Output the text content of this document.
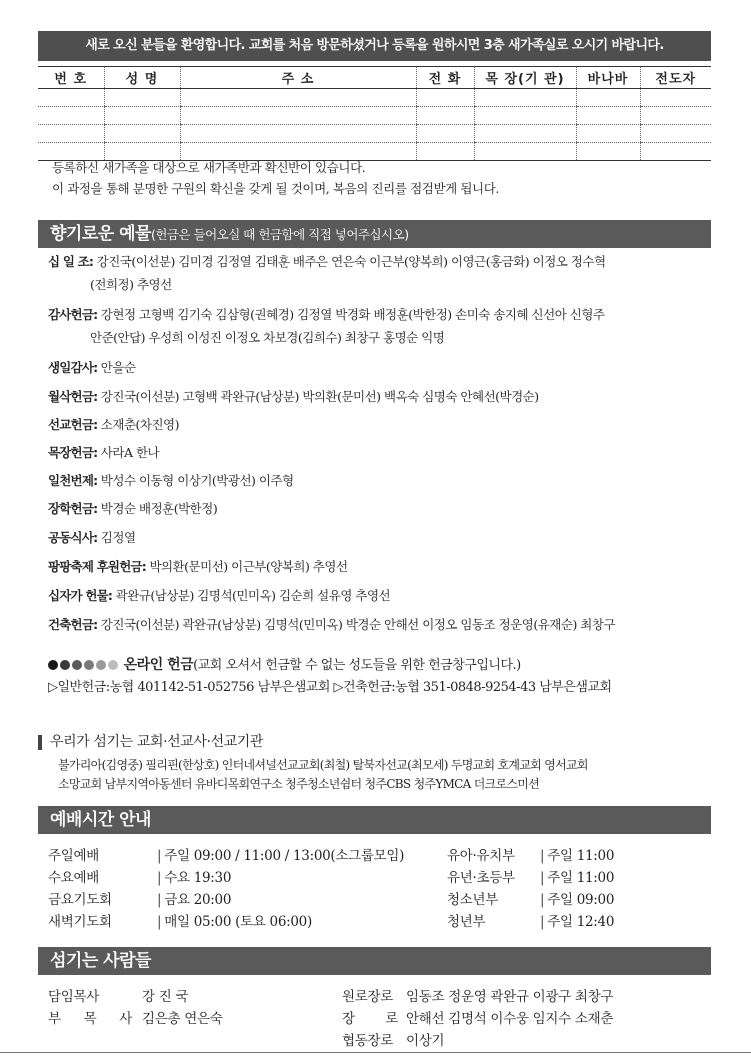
새로 오신 분들을 환영합니다. 교회를 처음 방문하셨거나 등록을 원하시면 3층 새가족실로 오시기 바랍니다.
번 호	성 명	주 소	전 화	목 장(기 관)	바나바	전도자

등록하신 새가족을 대상으로 새가족반과 확신반이 있습니다.
이 과정을 통해 분명한 구원의 확신을 갖게 될 것이며, 복음의 진리를 점검받게 됩니다.
향기로운 예물(헌금은 들어오실 때 헌금함에 직접 넣어주십시오)
십 일 조: 강진국(이선분) 김미경 김정열 김태훈 배주은 연은숙 이근부(양복희) 이영근(홍금화) 이정오 정수혁
(전희정) 추영선
감사헌금: 강현정 고형백 김기숙 김삼형(권혜경) 김정열 박경화 배정훈(박한정) 손미숙 송지혜 신선아 신형주
안준(안답) 우성희 이성진 이정오 차보경(김희수) 최창구 홍명순 익명
생일감사: 안을순
월삭헌금: 강진국(이선분) 고형백 곽완규(남상분) 박의환(문미선) 백옥숙 심명숙 안혜선(박경순)
선교헌금: 소재춘(차진영)
목장헌금: 사라A 한나
일천번제: 박성수 이동형 이상기(박광선) 이주형
장학헌금: 박경순 배정훈(박한정)
공동식사: 김정열
팡팡축제 후원헌금: 박의환(문미선) 이근부(양복희) 추영선
십자가 헌물: 곽완규(남상분) 김명석(민미옥) 김순희 설유영 추영선
건축헌금: 강진국(이선분) 곽완규(남상분) 김명석(민미옥) 박경순 안해선 이정오 임동조 정운영(유재순) 최창구
온라인 헌금(교회 오셔서 헌금할 수 없는 성도들을 위한 헌금창구입니다.)
▷일반헌금:농협 401142-51-052756 남부은샘교회 ▷건축헌금:농협 351-0848-9254-43 남부은샘교회
우리가 섬기는 교회·선교사·선교기관
불가리아(김영중) 필리핀(한상호) 인터네셔널선교교회(최철) 탈북자선교(최모세) 두명교회 호계교회 영서교회
소망교회 남부지역아동센터 유바디목회연구소 청주청소년쉼터 청주CBS 청주YMCA 더크로스미션
예배시간 안내
주일예배	| 주일 09:00 / 11:00 / 13:00(소그룹모임)
수요예배	| 수요 19:30
금요기도회	| 금요 20:00
새벽기도회	| 매일 05:00 (토요 06:00)
유아·유치부 | 주일 11:00
유년·초등부 | 주일 11:00
청소년부	| 주일 09:00
청년부	| 주일 12:40
섬기는 사람들
담임목사	강 진 국
부 목 사 김은총 연은숙
원로장로 임동조 정운영 곽완규 이광구 최창구
장 로 안해선 김명석 이수웅 임지수 소재춘
협동장로 이상기
